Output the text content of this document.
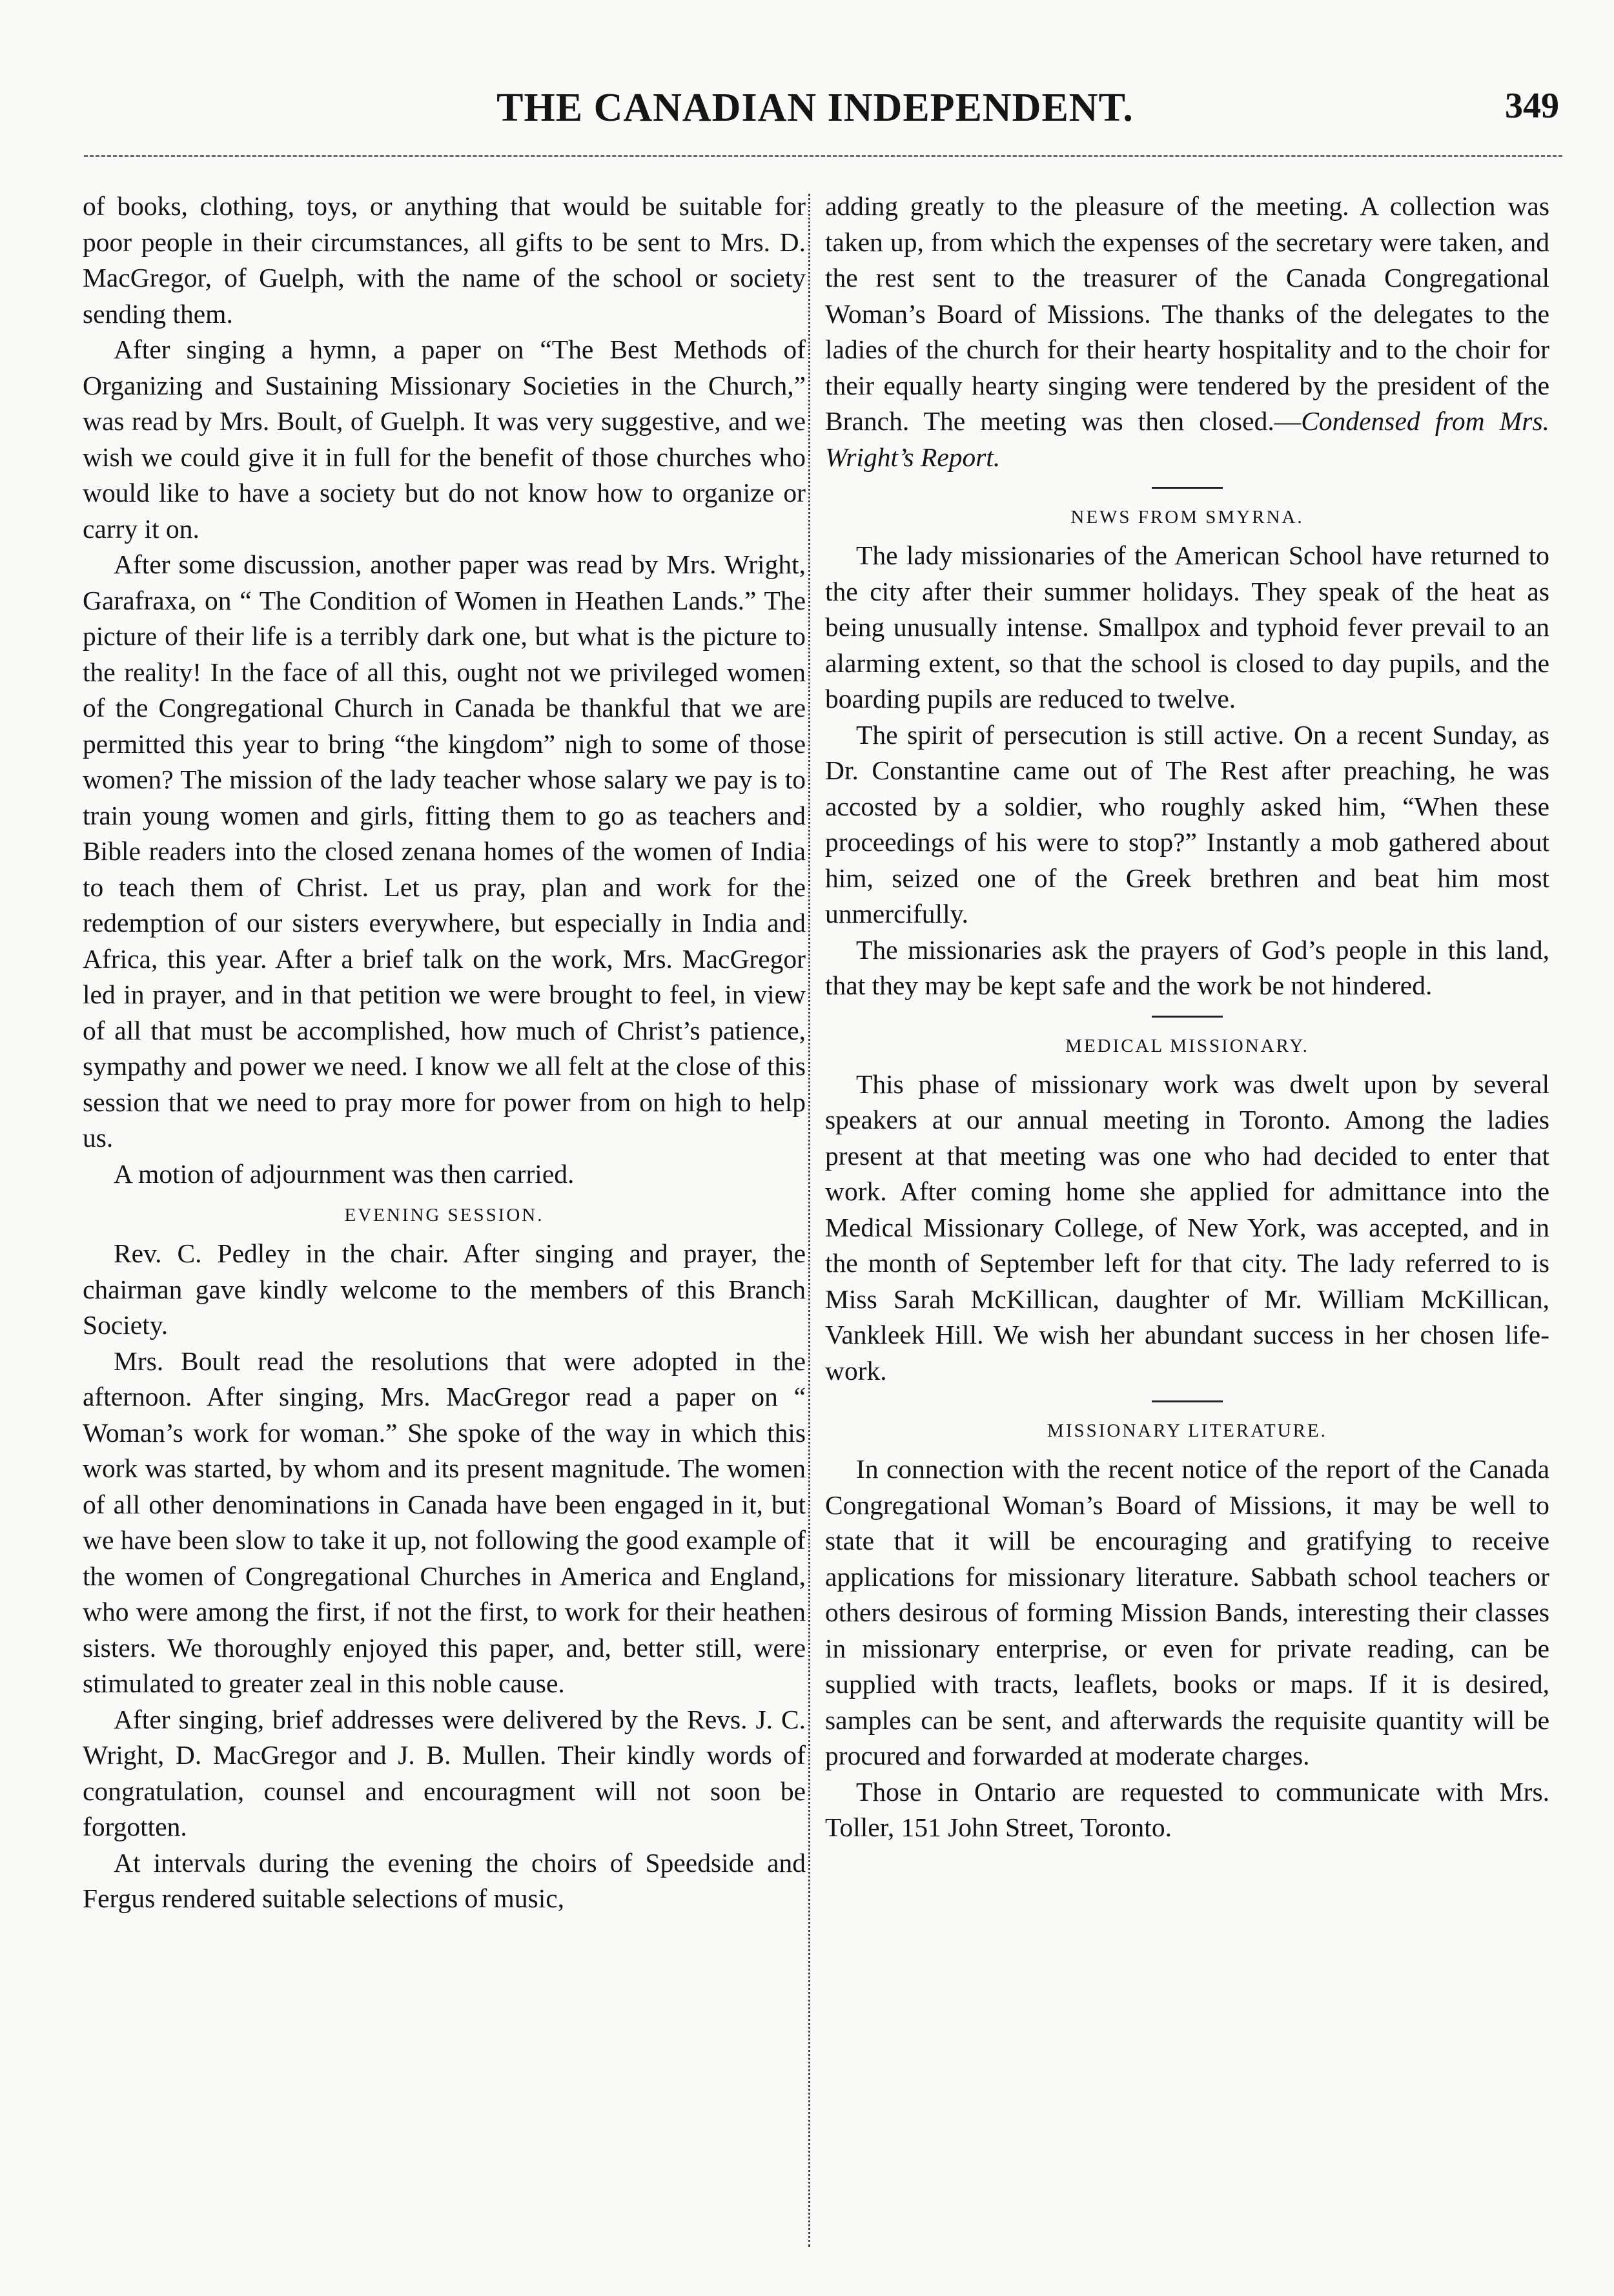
THE CANADIAN INDEPENDENT.	349

of books, clothing, toys, or anything that would be suitable for poor people in their circumstances, all gifts to be sent to Mrs. D. MacGregor, of Guelph, with the name of the school or society sending them.

After singing a hymn, a paper on “The Best Methods of Organizing and Sustaining Missionary Societies in the Church,” was read by Mrs. Boult, of Guelph. It was very suggestive, and we wish we could give it in full for the benefit of those churches who would like to have a society but do not know how to organize or carry it on.

After some discussion, another paper was read by Mrs. Wright, Garafraxa, on “ The Condition of Women in Heathen Lands.” The picture of their life is a terribly dark one, but what is the picture to the reality! In the face of all this, ought not we privileged women of the Congregational Church in Canada be thankful that we are permitted this year to bring “the kingdom” nigh to some of those women? The mission of the lady teacher whose salary we pay is to train young women and girls, fitting them to go as teachers and Bible readers into the closed zenana homes of the women of India to teach them of Christ. Let us pray, plan and work for the redemption of our sisters everywhere, but especially in India and Africa, this year. After a brief talk on the work, Mrs. MacGregor led in prayer, and in that petition we were brought to feel, in view of all that must be accomplished, how much of Christ’s patience, sympathy and power we need. I know we all felt at the close of this session that we need to pray more for power from on high to help us.

A motion of adjournment was then carried.

EVENING SESSION.

Rev. C. Pedley in the chair. After singing and prayer, the chairman gave kindly welcome to the members of this Branch Society.

Mrs. Boult read the resolutions that were adopted in the afternoon. After singing, Mrs. MacGregor read a paper on “ Woman’s work for woman.” She spoke of the way in which this work was started, by whom and its present magnitude. The women of all other denominations in Canada have been engaged in it, but we have been slow to take it up, not following the good example of the women of Congregational Churches in America and England, who were among the first, if not the first, to work for their heathen sisters. We thoroughly enjoyed this paper, and, better still, were stimulated to greater zeal in this noble cause.

After singing, brief addresses were delivered by the Revs. J. C. Wright, D. MacGregor and J. B. Mullen. Their kindly words of congratulation, counsel and encouragment will not soon be forgotten.

At intervals during the evening the choirs of Speedside and Fergus rendered suitable selections of music,

adding greatly to the pleasure of the meeting. A collection was taken up, from which the expenses of the secretary were taken, and the rest sent to the treasurer of the Canada Congregational Woman’s Board of Missions. The thanks of the delegates to the ladies of the church for their hearty hospitality and to the choir for their equally hearty singing were tendered by the president of the Branch. The meeting was then closed.—Condensed from Mrs. Wright’s Report.

NEWS FROM SMYRNA.

The lady missionaries of the American School have returned to the city after their summer holidays. They speak of the heat as being unusually intense. Smallpox and typhoid fever prevail to an alarming extent, so that the school is closed to day pupils, and the boarding pupils are reduced to twelve.

The spirit of persecution is still active. On a recent Sunday, as Dr. Constantine came out of The Rest after preaching, he was accosted by a soldier, who roughly asked him, “When these proceedings of his were to stop?” Instantly a mob gathered about him, seized one of the Greek brethren and beat him most unmercifully.

The missionaries ask the prayers of God’s people in this land, that they may be kept safe and the work be not hindered.

MEDICAL MISSIONARY.

This phase of missionary work was dwelt upon by several speakers at our annual meeting in Toronto. Among the ladies present at that meeting was one who had decided to enter that work. After coming home she applied for admittance into the Medical Missionary College, of New York, was accepted, and in the month of September left for that city. The lady referred to is Miss Sarah McKillican, daughter of Mr. William McKillican, Vankleek Hill. We wish her abundant success in her chosen life-work.

MISSIONARY LITERATURE.

In connection with the recent notice of the report of the Canada Congregational Woman’s Board of Missions, it may be well to state that it will be encouraging and gratifying to receive applications for missionary literature. Sabbath school teachers or others desirous of forming Mission Bands, interesting their classes in missionary enterprise, or even for private reading, can be supplied with tracts, leaflets, books or maps. If it is desired, samples can be sent, and afterwards the requisite quantity will be procured and forwarded at moderate charges.

Those in Ontario are requested to communicate with Mrs. Toller, 151 John Street, Toronto.
